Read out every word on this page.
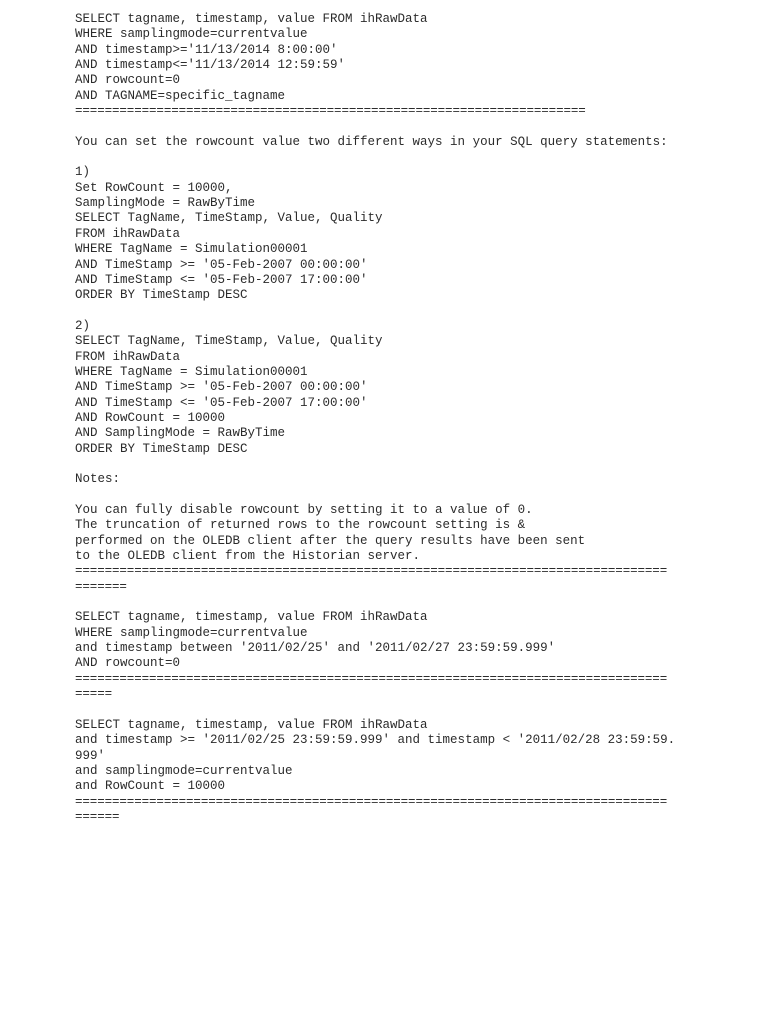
SELECT tagname, timestamp, value FROM ihRawData
WHERE samplingmode=currentvalue
AND timestamp>='11/13/2014 8:00:00'
AND timestamp<='11/13/2014 12:59:59'
AND rowcount=0
AND TAGNAME=specific_tagname
=====================================================================
You can set the rowcount value two different ways in your SQL query statements:
1)
Set RowCount = 10000,
SamplingMode = RawByTime
SELECT TagName, TimeStamp, Value, Quality
FROM ihRawData
WHERE TagName = Simulation00001
AND TimeStamp >= '05-Feb-2007 00:00:00'
AND TimeStamp <= '05-Feb-2007 17:00:00'
ORDER BY TimeStamp DESC
2)
SELECT TagName, TimeStamp, Value, Quality
FROM ihRawData
WHERE TagName = Simulation00001
AND TimeStamp >= '05-Feb-2007 00:00:00'
AND TimeStamp <= '05-Feb-2007 17:00:00'
AND RowCount = 10000
AND SamplingMode = RawByTime
ORDER BY TimeStamp DESC
Notes:
You can fully disable rowcount by setting it to a value of 0.
The truncation of returned rows to the rowcount setting is &
performed on the OLEDB client after the query results have been sent
to the OLEDB client from the Historian server.
================================================================================
=======
SELECT tagname, timestamp, value FROM ihRawData
WHERE samplingmode=currentvalue
and timestamp between '2011/02/25' and '2011/02/27 23:59:59.999'
AND rowcount=0
================================================================================
=====
SELECT tagname, timestamp, value FROM ihRawData
and timestamp >= '2011/02/25 23:59:59.999' and timestamp < '2011/02/28 23:59:59.
999'
and samplingmode=currentvalue
and RowCount = 10000
================================================================================
======
